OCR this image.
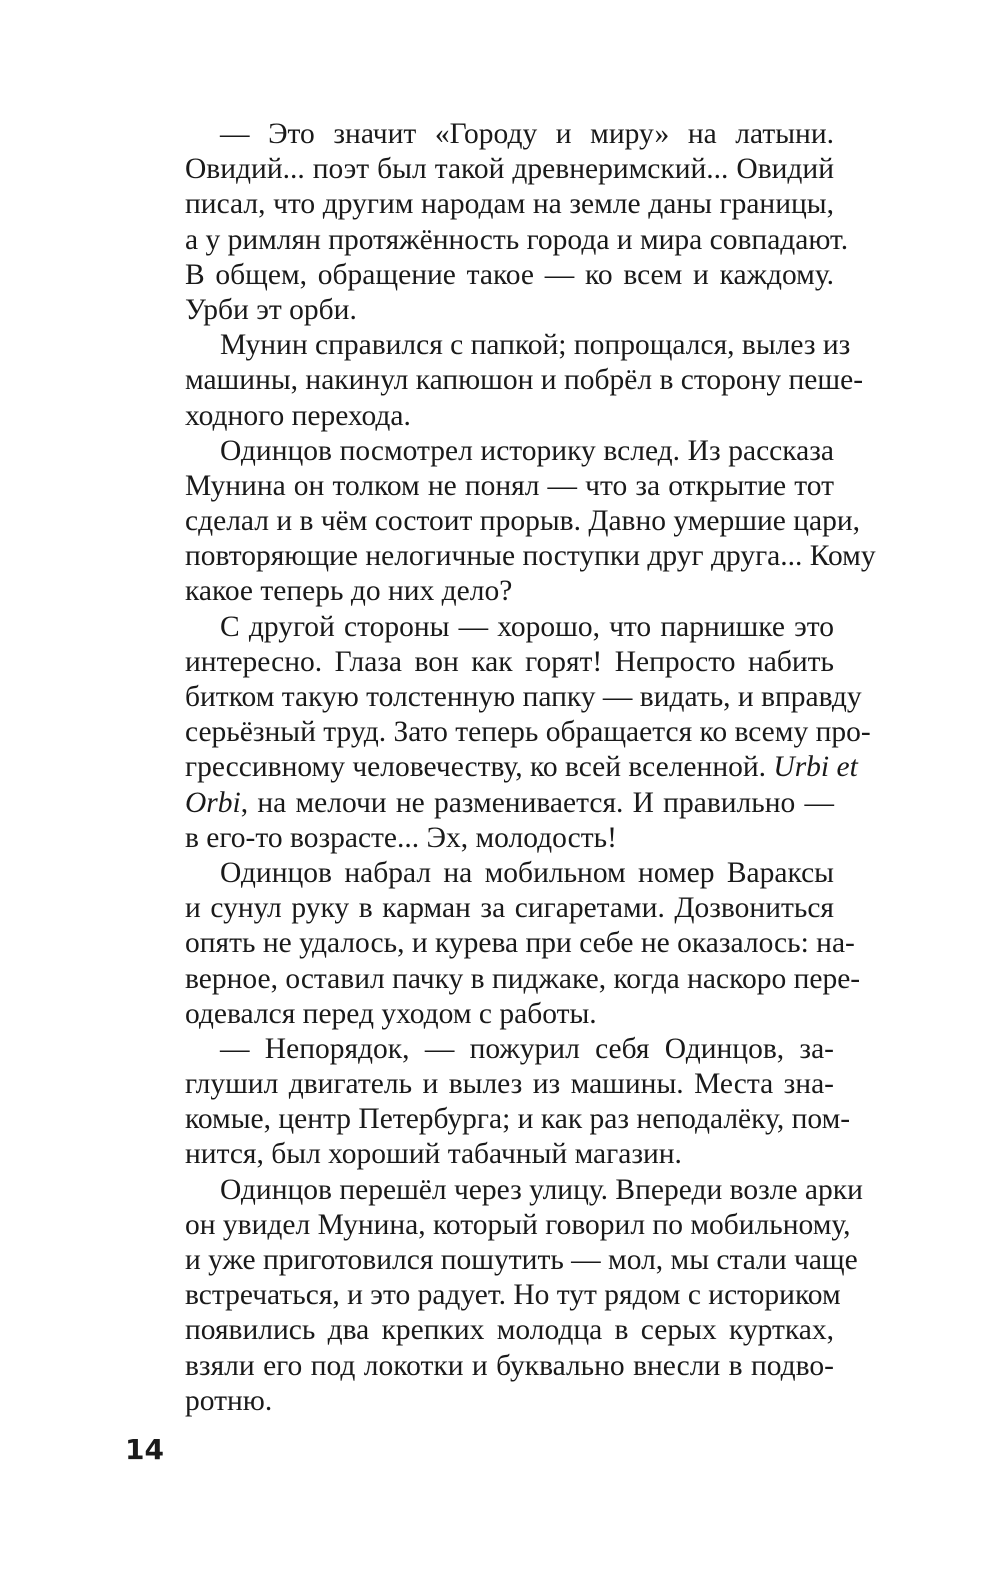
— Это значит «Городу и миру» на латыни.
Овидий... поэт был такой древнеримский... Овидий
писал, что другим народам на земле даны границы,
а у римлян протяжённость города и мира совпадают.
В общем, обращение такое — ко всем и каждому.
Урби эт орби.
Мунин справился с папкой; попрощался, вылез из
машины, накинул капюшон и побрёл в сторону пеше-
ходного перехода.
Одинцов посмотрел историку вслед. Из рассказа
Мунина он толком не понял — что за открытие тот
сделал и в чём состоит прорыв. Давно умершие цари,
повторяющие нелогичные поступки друг друга... Кому
какое теперь до них дело?
С другой стороны — хорошо, что парнишке это
интересно. Глаза вон как горят! Непросто набить
битком такую толстенную папку — видать, и вправду
серьёзный труд. Зато теперь обращается ко всему про-
грессивному человечеству, ко всей вселенной. Urbi et
Orbi, на мелочи не разменивается. И правильно —
в его-то возрасте... Эх, молодость!
Одинцов набрал на мобильном номер Вараксы
и сунул руку в карман за сигаретами. Дозвониться
опять не удалось, и курева при себе не оказалось: на-
верное, оставил пачку в пиджаке, когда наскоро пере-
одевался перед уходом с работы.
— Непорядок, — пожурил себя Одинцов, за-
глушил двигатель и вылез из машины. Места зна-
комые, центр Петербурга; и как раз неподалёку, пом-
нится, был хороший табачный магазин.
Одинцов перешёл через улицу. Впереди возле арки
он увидел Мунина, который говорил по мобильному,
и уже приготовился пошутить — мол, мы стали чаще
встречаться, и это радует. Но тут рядом с историком
появились два крепких молодца в серых куртках,
взяли его под локотки и буквально внесли в подво-
ротню.
14
